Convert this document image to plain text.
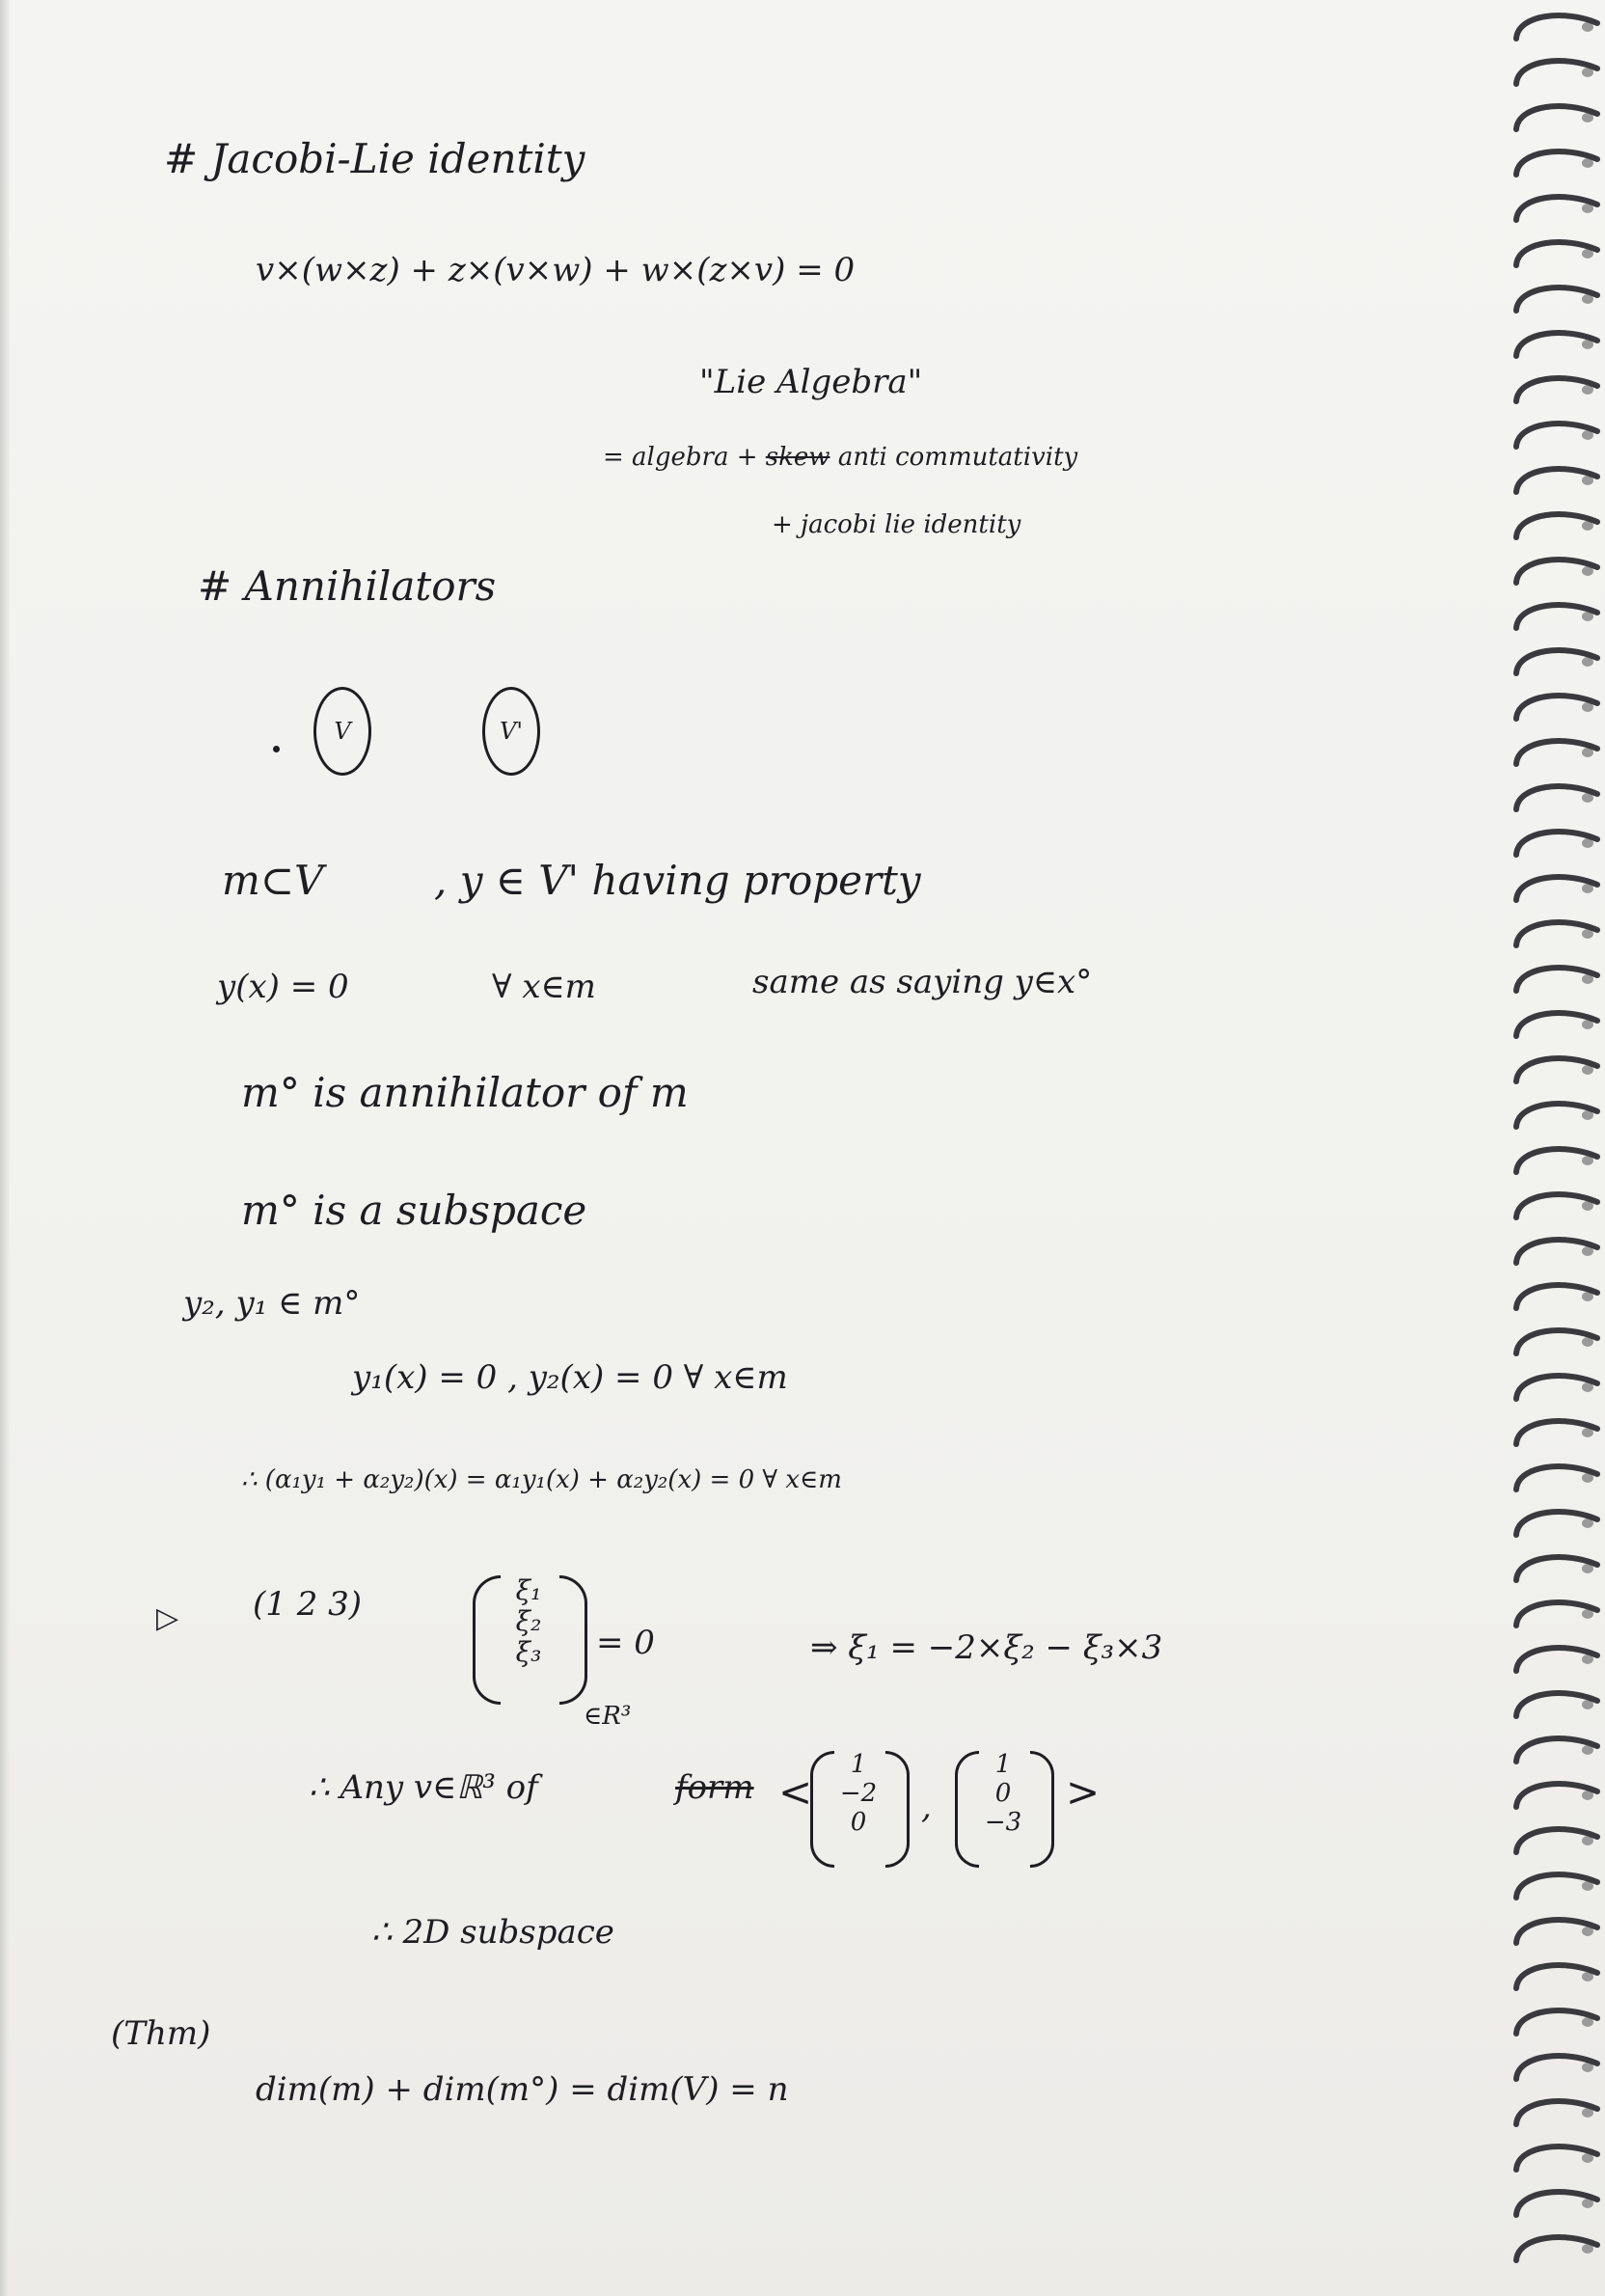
# Jacobi-Lie identity
v×(w×z) + z×(v×w) + w×(z×v) = 0
"Lie Algebra"
= algebra + skew anti commutativity
+ jacobi lie identity
# Annihilators
V	V'
m⊂V	, y ∈ V' having property
y(x) = 0	∀ x∈m	same as saying y∈x°
m° is annihilator of m
m° is a subspace
y₂, y₁ ∈ m°
y₁(x) = 0 , y₂(x) = 0 ∀ x∈m
∴ (α₁y₁ + α₂y₂)(x) = α₁y₁(x) + α₂y₂(x) = 0 ∀ x∈m
▷ (1 2 3)	ξ₁
ξ₂
ξ₃ = 0
∈R³
⇒ ξ₁ = −2×ξ₂ − ξ₃×3
∴ Any v∈ℝ³ of	form <
1
−2
0 ,
1
0
−3
>
∴ 2D subspace
(Thm)
dim(m) + dim(m°) = dim(V) = n
